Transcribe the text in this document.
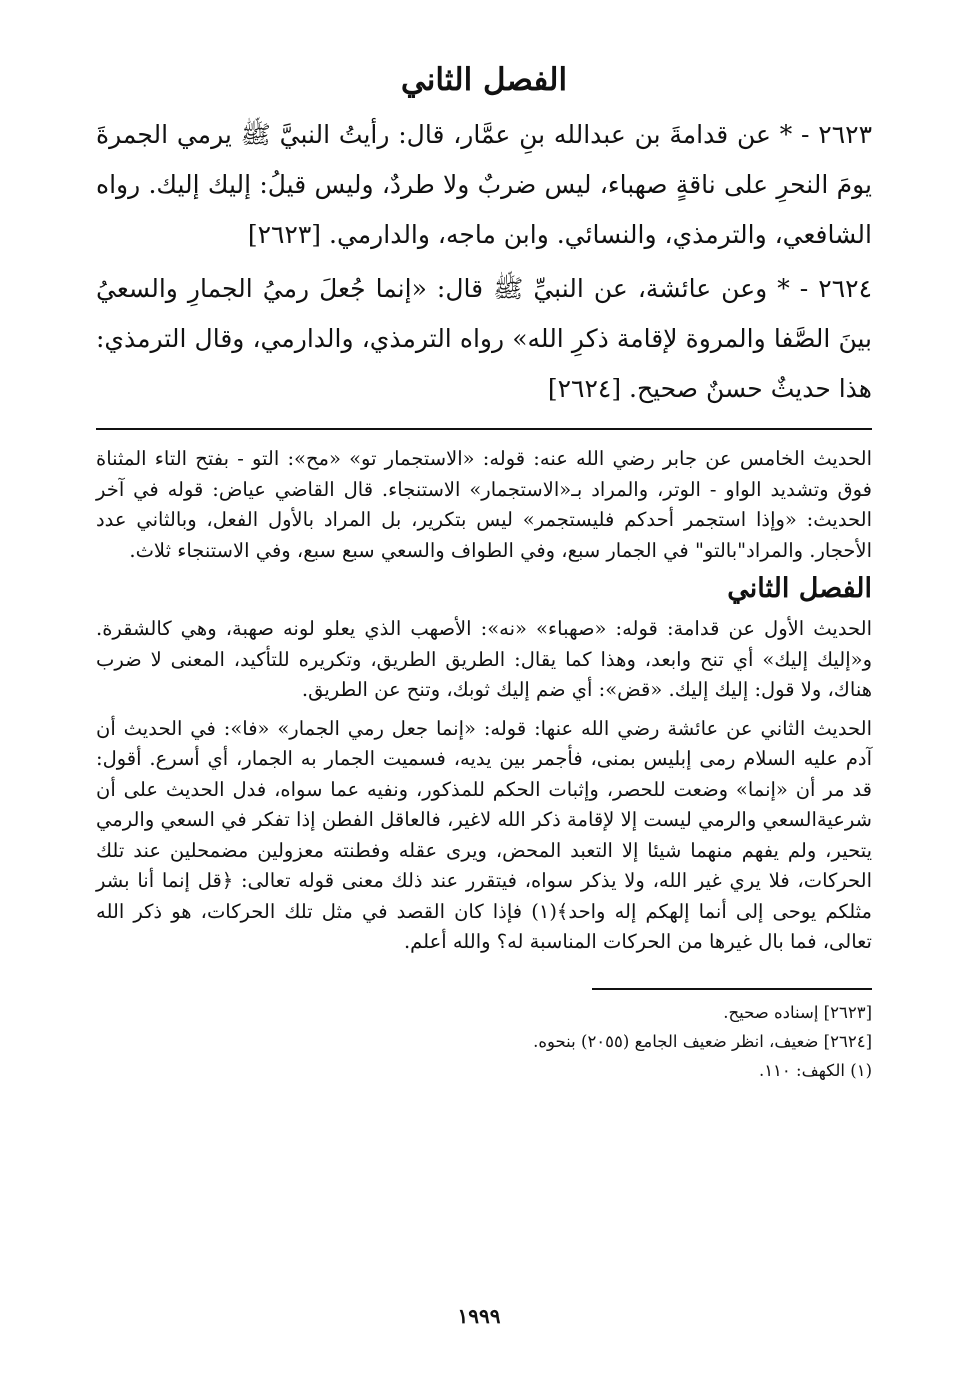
الفصل الثاني

٢٦٢٣ - * عن قدامةَ بن عبدالله بنِ عمَّار، قال: رأيتُ النبيَّ ﷺ يرمي الجمرةَ يومَ النحرِ على ناقةٍ صهباء، ليس ضربٌ ولا طردٌ، وليس قيلُ: إليك إليك. رواه الشافعي، والترمذي، والنسائي. وابن ماجه، والدارمي. [٢٦٢٣]

٢٦٢٤ - * وعن عائشة، عن النبيِّ ﷺ قال: «إنما جُعلَ رميُ الجمارِ والسعيُ بينَ الصَّفا والمروة لإقامة ذكرِ الله» رواه الترمذي، والدارمي، وقال الترمذي: هذا حديثٌ حسنٌ صحيح. [٢٦٢٤]

الحديث الخامس عن جابر رضي الله عنه: قوله: «الاستجمار تو» «مح»: التو - بفتح التاء المثناة فوق وتشديد الواو - الوتر، والمراد بـ«الاستجمار» الاستنجاء. قال القاضي عياض: قوله في آخر الحديث: «وإذا استجمر أحدكم فليستجمر» ليس بتكرير، بل المراد بالأول الفعل، وبالثاني عدد الأحجار. والمراد"بالتو" في الجمار سبع، وفي الطواف والسعي سبع سبع، وفي الاستنجاء ثلاث.

الفصل الثاني

الحديث الأول عن قدامة: قوله: «صهباء» «نه»: الأصهب الذي يعلو لونه صهبة، وهي كالشقرة. و«إليك إليك» أي تنح وابعد، وهذا كما يقال: الطريق الطريق، وتكريره للتأكيد، المعنى لا ضرب هناك، ولا قول: إليك إليك. «قض»: أي ضم إليك ثوبك، وتنح عن الطريق.

الحديث الثاني عن عائشة رضي الله عنها: قوله: «إنما جعل رمي الجمار» «فا»: في الحديث أن آدم عليه السلام رمى إبليس بمنى، فأجمر بين يديه، فسميت الجمار به الجمار، أي أسرع. أقول: قد مر أن «إنما» وضعت للحصر، وإثبات الحكم للمذكور، ونفيه عما سواه، فدل الحديث على أن شرعيةالسعي والرمي ليست إلا لإقامة ذكر الله لاغير، فالعاقل الفطن إذا تفكر في السعي والرمي يتحير، ولم يفهم منهما شيئا إلا التعبد المحض، ويرى عقله وفطنته معزولين مضمحلين عند تلك الحركات، فلا يري غير الله، ولا يذكر سواه، فيتقرر عند ذلك معنى قوله تعالى: ﴿قل إنما أنا بشر مثلكم يوحى إلى أنما إلهكم إله واحد﴾(١) فإذا كان القصد في مثل تلك الحركات، هو ذكر الله تعالى، فما بال غيرها من الحركات المناسبة له؟ والله أعلم.

[٢٦٢٣] إسناده صحيح.

[٢٦٢٤] ضعيف، انظر ضعيف الجامع (٢٠٥٥) بنحوه.

(١) الكهف: ١١٠.

١٩٩٩
